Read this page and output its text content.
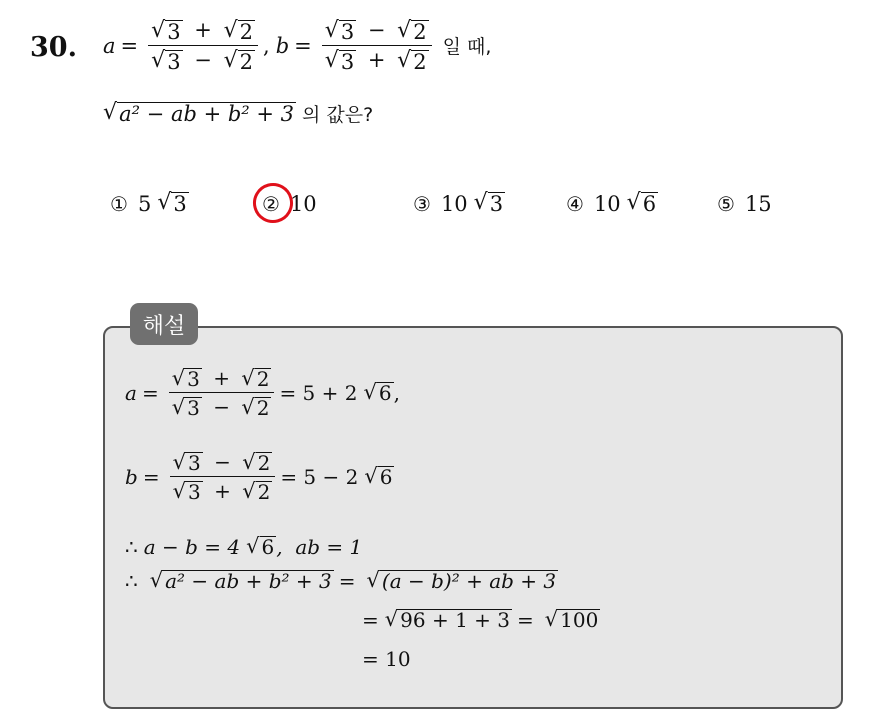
30. $a = \frac{√ 3 + √ 2}{√ 3 - √ 2}$ , $b = \frac{√ 3 - √ 2}{√ 3 + √ 2}$ 일 때,
√ a² − ab + b² + 3 의 값은?
① 5 √ 3	② 10	③ 10 √ 3	④ 10 √ 6	⑤ 15
해설
$a = \frac{√ 3 + √ 2}{√ 3 - √ 2} = 5 + 2$ √ 6 ,
$b = \frac{√ 3 - √ 2}{√ 3 + √ 2} = 5 - 2$ √ 6
∴ a − b = 4 √ 6 ,  ab = 1
∴ √ a² − ab + b² + 3 = √ (a − b)² + ab + 3
= √ 96 + 1 + 3 = √ 100
= 10
